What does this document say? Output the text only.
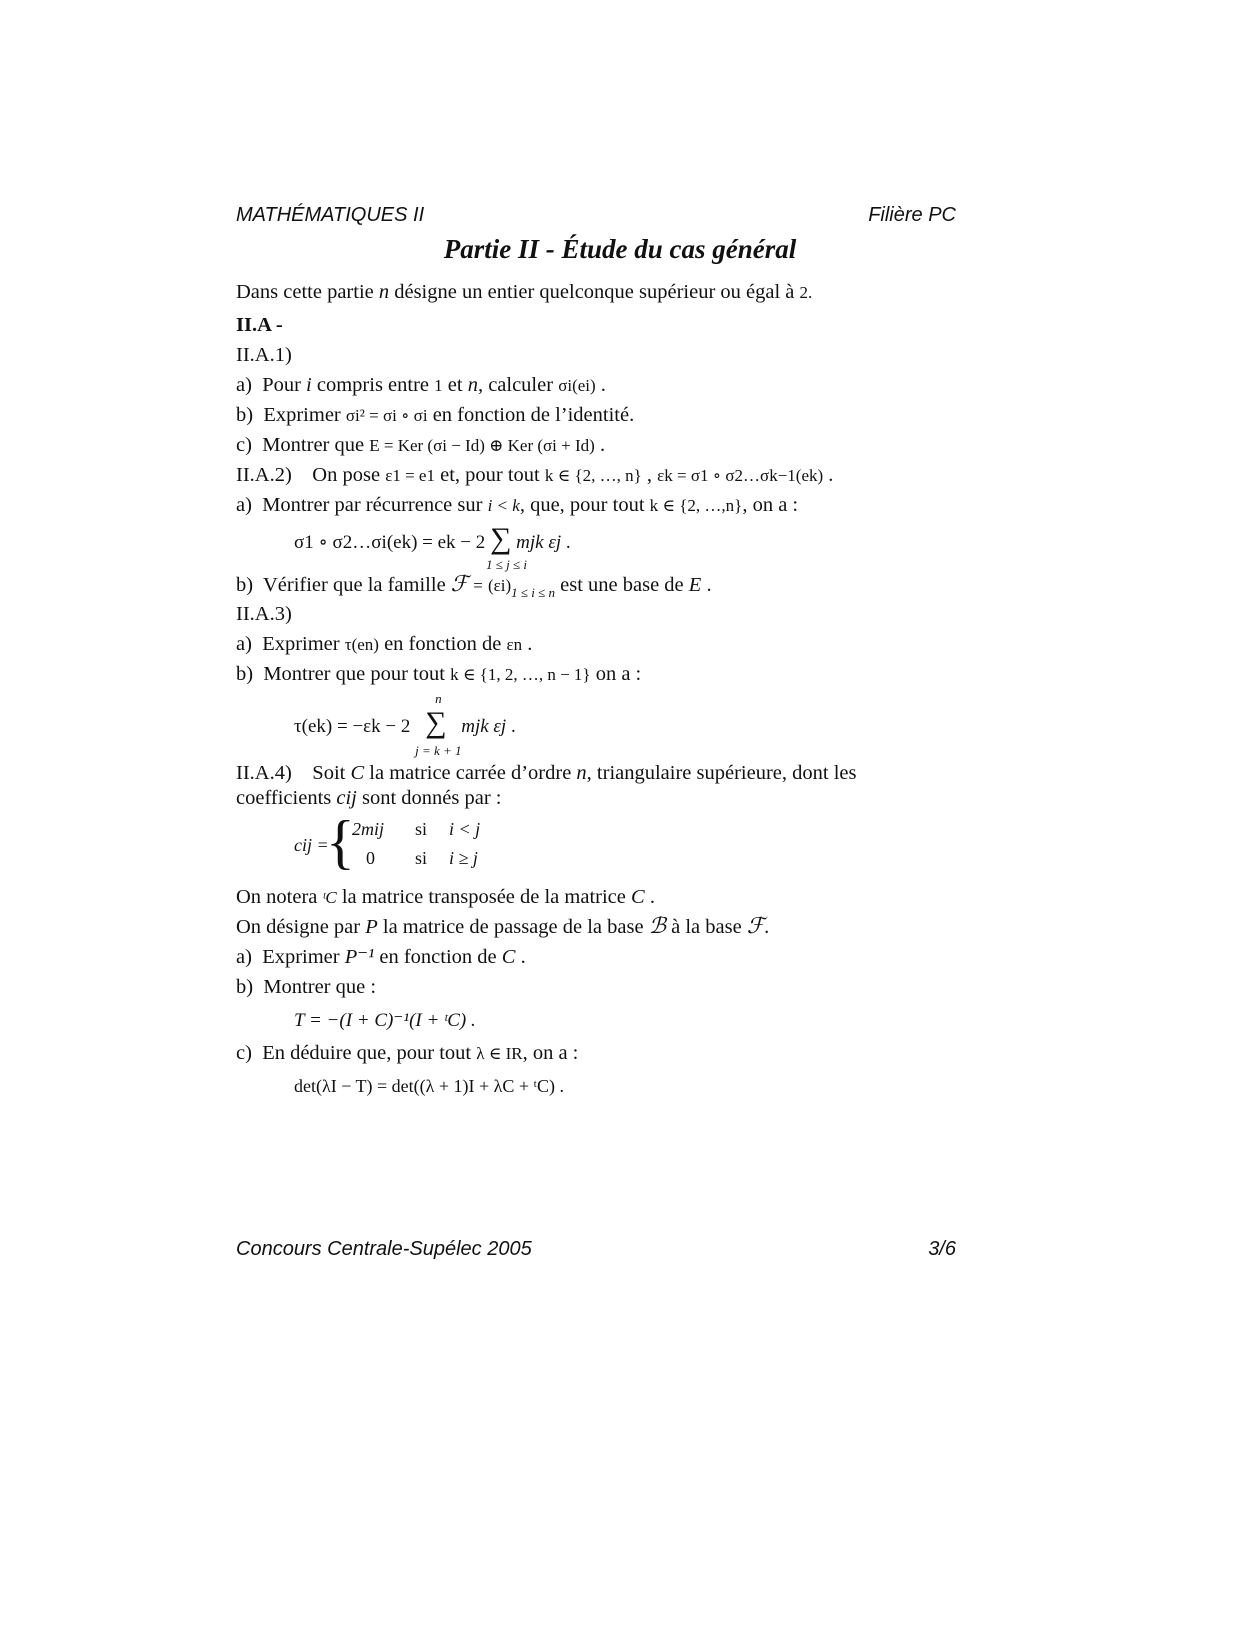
MATHÉMATIQUES II	Filière PC
Partie II - Étude du cas général
Dans cette partie n désigne un entier quelconque supérieur ou égal à 2.
II.A -
II.A.1)
a) Pour i compris entre 1 et n, calculer σi(ei) .
b) Exprimer σi² = σi ∘ σi en fonction de l’identité.
c) Montrer que E = Ker (σi − Id) ⊕ Ker (σi + Id) .
II.A.2) On pose ε1 = e1 et, pour tout k ∈ {2, …, n} , εk = σ1 ∘ σ2…σk−1(ek) .
a) Montrer par récurrence sur i < k, que, pour tout k ∈ {2, …,n}, on a :
σ1 ∘ σ2…σi(ek) = ek − 2 ∑
1 ≤ j ≤ i
mjk εj .
b) Vérifier que la famille ℱ = $(\varepsilon i)_{1 \le i \le n}$ est une base de E .
II.A.3)
a) Exprimer τ(en) en fonction de εn .
b) Montrer que pour tout k ∈ {1, 2, …, n − 1} on a :
τ(ek) = −εk − 2 ∑
n
j = k + 1
mjk εj .
II.A.4) Soit C la matrice carrée d’ordre n, triangulaire supérieure, dont les
coefficients cij sont donnés par :
cij =
{
2mij si i < j
0 si i ≥ j
On notera ᵗC la matrice transposée de la matrice C .
On désigne par P la matrice de passage de la base ℬ à la base ℱ.
a) Exprimer P⁻¹ en fonction de C .
b) Montrer que :
T = −(I + C)⁻¹(I + ᵗC) .
c) En déduire que, pour tout λ ∈ IR, on a :
det(λI − T) = det((λ + 1)I + λC + ᵗC) .
Concours Centrale-Supélec 2005	3/6
